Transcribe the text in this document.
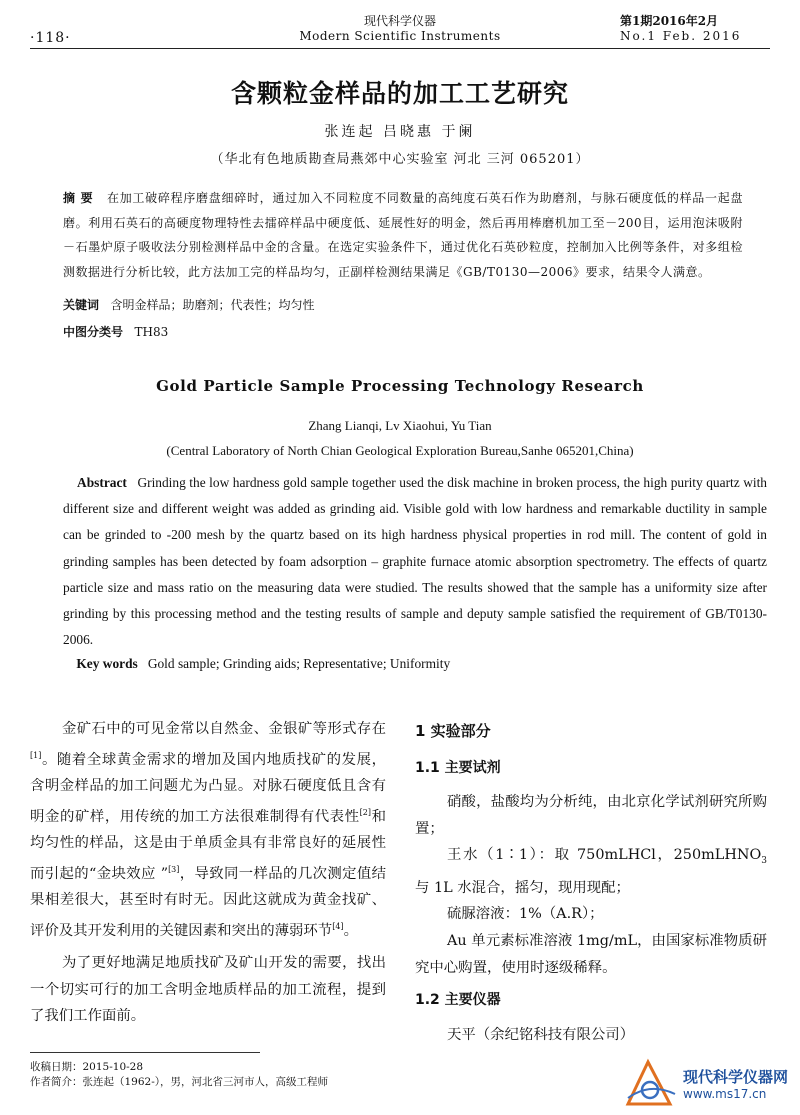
·118·
现代科学仪器
Modern Scientific Instruments
第1期2016年2月
No.1 Feb. 2016
含颗粒金样品的加工工艺研究
张连起 吕晓惠 于阑
（华北有色地质勘查局燕郊中心实验室 河北 三河 065201）
摘 要 在加工破碎程序磨盘细碎时，通过加入不同粒度不同数量的高纯度石英石作为助磨剂，与脉石硬度低的样品一起盘磨。利用石英石的高硬度物理特性去擂碎样品中硬度低、延展性好的明金，然后再用棒磨机加工至－200目，运用泡沫吸附－石墨炉原子吸收法分别检测样品中金的含量。在选定实验条件下，通过优化石英砂粒度，控制加入比例等条件，对多组检测数据进行分析比较，此方法加工完的样品均匀，正副样检测结果满足《GB/T0130—2006》要求，结果令人满意。
关键词 含明金样品；助磨剂；代表性；均匀性
中图分类号 TH83
Gold Particle Sample Processing Technology Research
Zhang Lianqi, Lv Xiaohui, Yu Tian
(Central Laboratory of North Chian Geological Exploration Bureau,Sanhe 065201,China)
Abstract Grinding the low hardness gold sample together used the disk machine in broken process, the high purity quartz with different size and different weight was added as grinding aid. Visible gold with low hardness and remarkable ductility in sample can be grinded to -200 mesh by the quartz based on its high hardness physical properties in rod mill. The content of gold in grinding samples has been detected by foam adsorption – graphite furnace atomic absorption spectrometry. The effects of quartz particle size and mass ratio on the measuring data were studied. The results showed that the sample has a uniformity size after grinding by this processing method and the testing results of sample and deputy sample satisfied the requirement of GB/T0130-2006.
Key words Gold sample; Grinding aids; Representative; Uniformity

金矿石中的可见金常以自然金、金银矿等形式存在[1]。随着全球黄金需求的增加及国内地质找矿的发展，含明金样品的加工问题尤为凸显。对脉石硬度低且含有明金的矿样，用传统的加工方法很难制得有代表性[2]和均匀性的样品，这是由于单质金具有非常良好的延展性而引起的“金块效应 ”[3]，导致同一样品的几次测定值结果相差很大，甚至时有时无。因此这就成为黄金找矿、评价及其开发利用的关键因素和突出的薄弱环节[4]。

为了更好地满足地质找矿及矿山开发的需要，找出一个切实可行的加工含明金地质样品的加工流程，提到了我们工作面前。

1 实验部分
1.1 主要试剂

硝酸，盐酸均为分析纯，由北京化学试剂研究所购置；

王水（1∶1）：取 750mLHCl，250mLHNO$_3$ 与 1L 水混合，摇匀，现用现配；

硫脲溶液：1%（A.R）；

Au 单元素标准溶液 1mg/mL，由国家标准物质研究中心购置，使用时逐级稀释。

1.2 主要仪器

天平（余纪铭科技有限公司）

收稿日期：2015-10-28
作者简介：张连起（1962-），男，河北省三河市人，高级工程师	现代科学仪器网
www.ms17.cn
